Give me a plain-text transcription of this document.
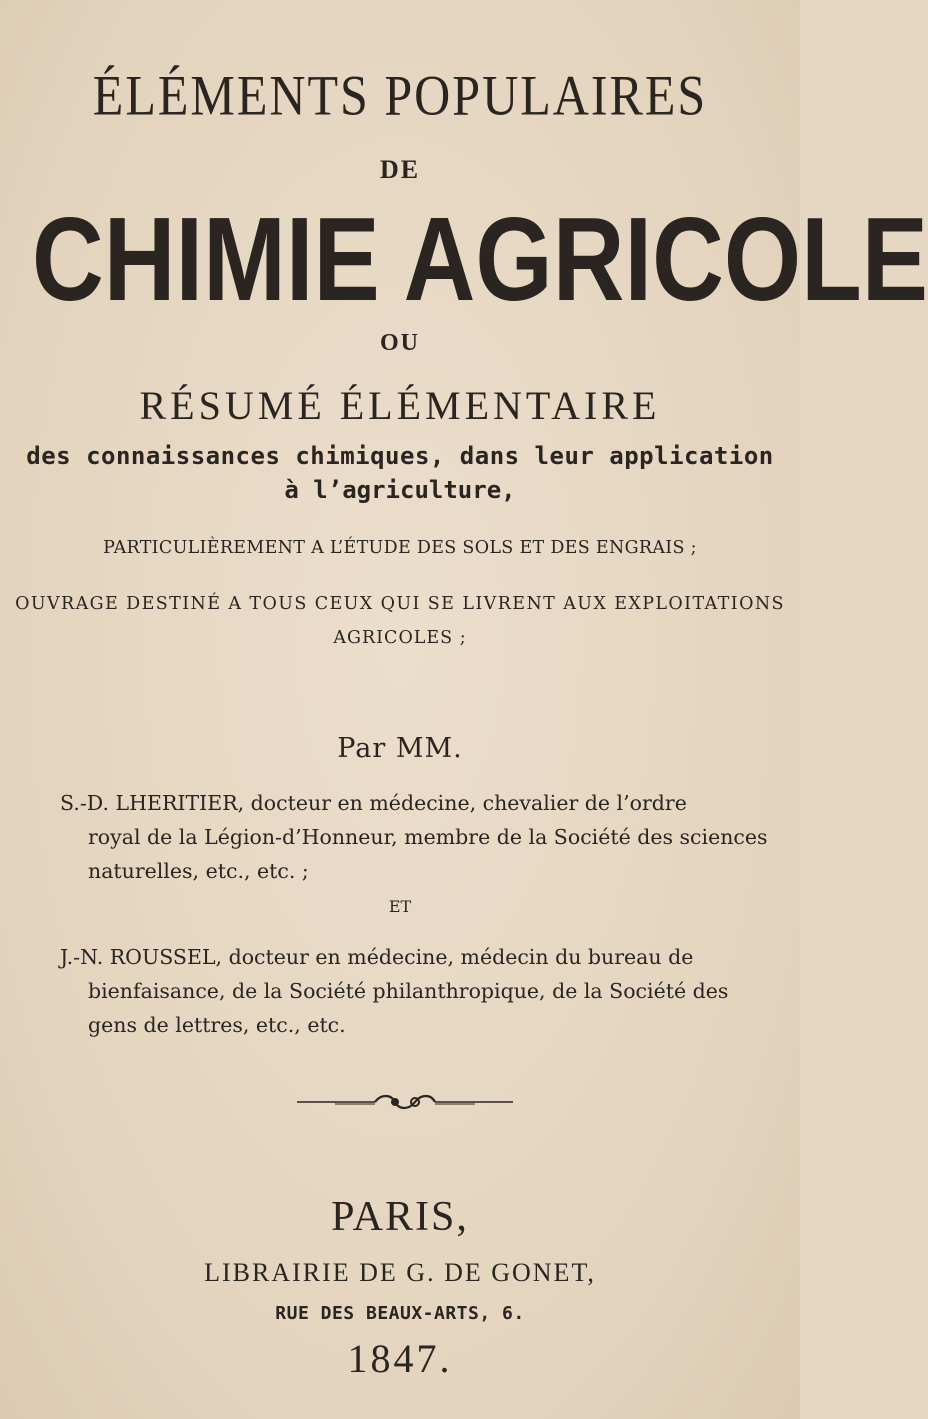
ÉLÉMENTS POPULAIRES
DE
CHIMIE AGRICOLE
OU
RÉSUMÉ ÉLÉMENTAIRE
des connaissances chimiques, dans leur application
à l’agriculture,
PARTICULIÈREMENT A L’ÉTUDE DES SOLS ET DES ENGRAIS ;
OUVRAGE DESTINÉ A TOUS CEUX QUI SE LIVRENT AUX EXPLOITATIONS
AGRICOLES ;
Par MM.
S.-D. LHERITIER, docteur en médecine, chevalier de l’ordre
royal de la Légion-d’Honneur, membre de la Société des sciences
naturelles, etc., etc. ;
ET
J.-N. ROUSSEL, docteur en médecine, médecin du bureau de
bienfaisance, de la Société philanthropique, de la Société des
gens de lettres, etc., etc.
PARIS,
LIBRAIRIE DE G. DE GONET,
RUE DES BEAUX-ARTS, 6.
1847.
